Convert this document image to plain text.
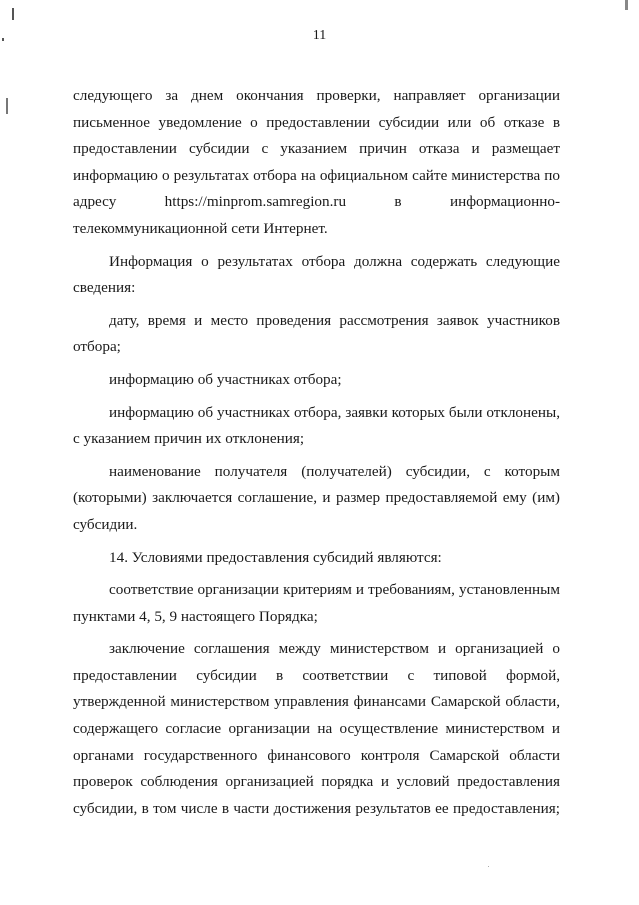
11

следующего за днем окончания проверки, направляет организации письменное уведомление о предоставлении субсидии или об отказе в предоставлении субсидии с указанием причин отказа и размещает информацию о результатах отбора на официальном сайте министерства по адресу https://minprom.samregion.ru в информационно-телекоммуникационной сети Интернет.

Информация о результатах отбора должна содержать следующие сведения:

дату, время и место проведения рассмотрения заявок участников отбора;

информацию об участниках отбора;

информацию об участниках отбора, заявки которых были отклонены, с указанием причин их отклонения;

наименование получателя (получателей) субсидии, с которым (которыми) заключается соглашение, и размер предоставляемой ему (им) субсидии.

14. Условиями предоставления субсидий являются:

соответствие организации критериям и требованиям, установленным пунктами 4, 5, 9 настоящего Порядка;

заключение соглашения между министерством и организацией о предоставлении субсидии в соответствии с типовой формой, утвержденной министерством управления финансами Самарской области, содержащего согласие организации на осуществление министерством и органами государственного финансового контроля Самарской области проверок соблюдения организацией порядка и условий предоставления субсидии, в том числе в части достижения результатов ее предоставления;
